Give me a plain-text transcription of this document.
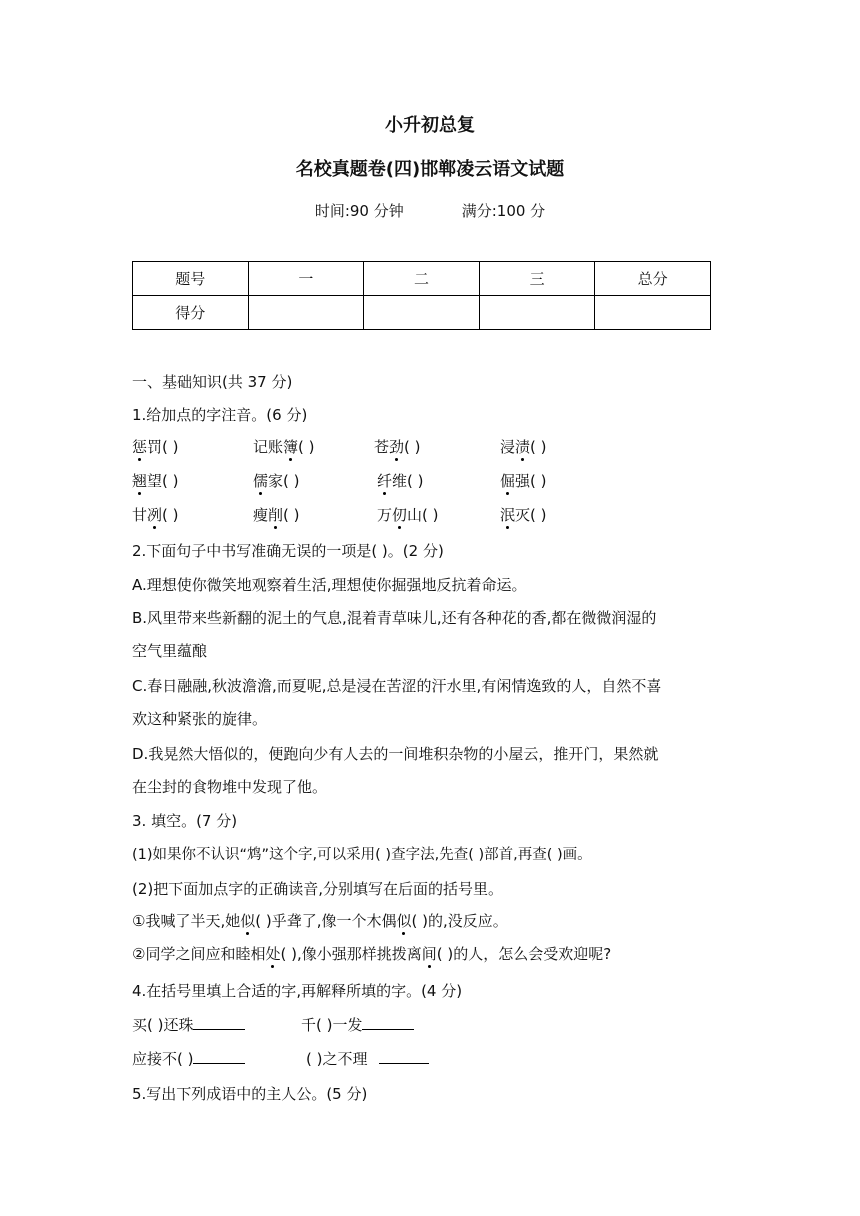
小升初总复
名校真题卷(四)邯郸凌云语文试题
时间:90 分钟	满分:100 分
题号	一	二	三	总分
得分				
一、基础知识(共 37 分)
1.给加点的字注音。(6 分)
惩罚( )	记账簿( )	苍劲( )	浸渍( )
翘望( )	儒家( )	纤维( )	倔强( )
甘冽( )	瘦削( )	万仞山( )	泯灭( )
2.下面句子中书写准确无误的一项是( )。(2 分)
A.理想使你微笑地观察着生活,理想使你掘强地反抗着命运。
B.风里带来些新翻的泥土的气息,混着青草味儿,还有各种花的香,都在微微润湿的
空气里蕴酿
C.春日融融,秋波澹澹,而夏呢,总是浸在苦涩的汗水里,有闲情逸致的人，自然不喜
欢这种紧张的旋律。
D.我晃然大悟似的，便跑向少有人去的一间堆积杂物的小屋云，推开门，果然就
在尘封的食物堆中发现了他。
3. 填空。(7 分)
(1)如果你不认识“鸩”这个字,可以采用( )查字法,先查( )部首,再查( )画。
(2)把下面加点字的正确读音,分别填写在后面的括号里。
①我喊了半天,她似( )乎聋了,像一个木偶似( )的,没反应。
②同学之间应和睦相处( ),像小强那样挑拨离间( )的人，怎么会受欢迎呢?
4.在括号里填上合适的字,再解释所填的字。(4 分)
买( )还珠	千( )一发
应接不( )	( )之不理
5.写出下列成语中的主人公。(5 分)
